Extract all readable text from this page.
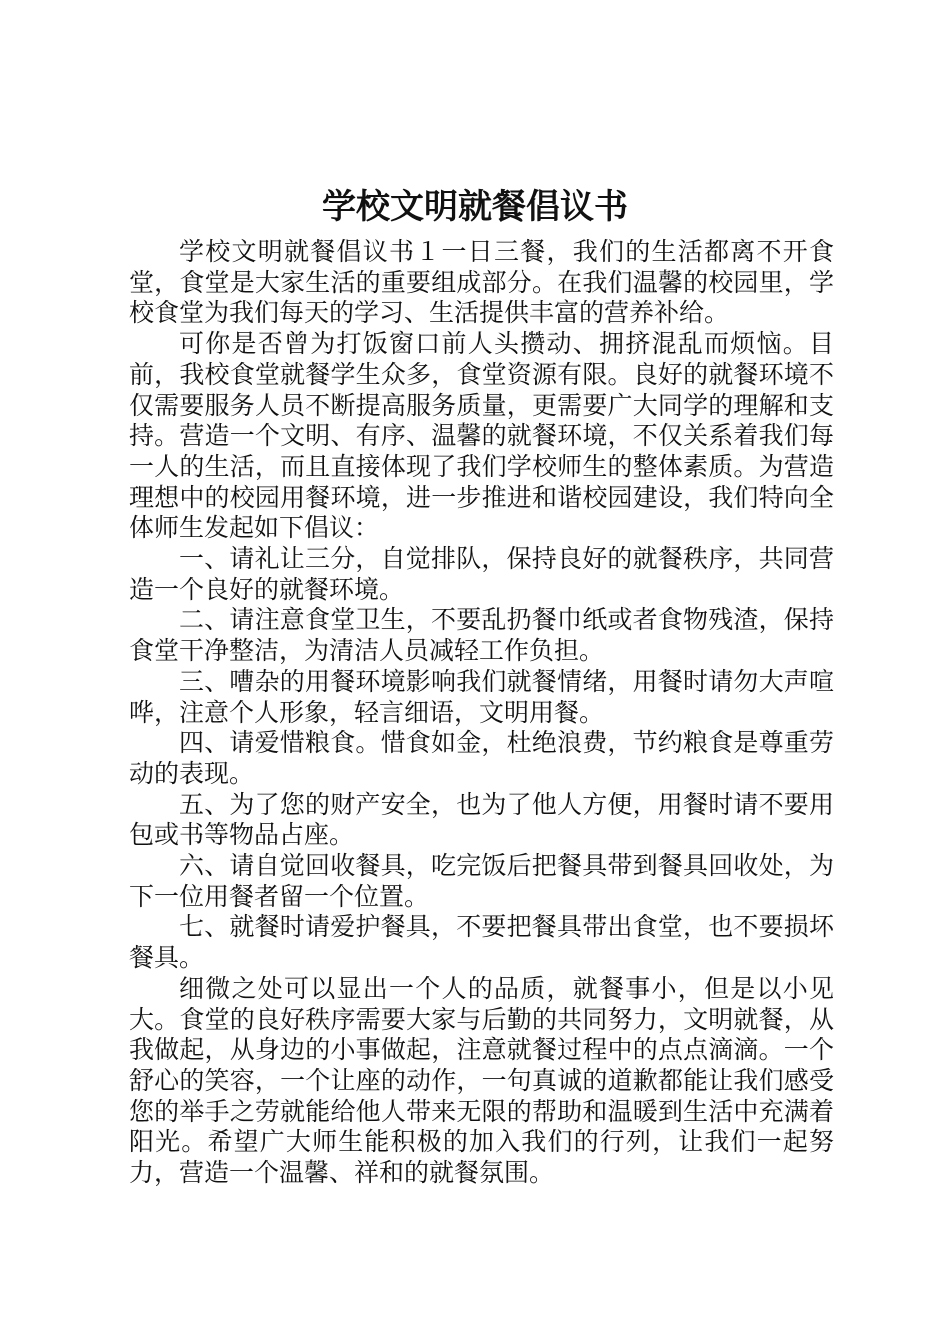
学校文明就餐倡议书

学校文明就餐倡议书１一日三餐，我们的生活都离不开食堂，食堂是大家生活的重要组成部分。在我们温馨的校园里，学校食堂为我们每天的学习、生活提供丰富的营养补给。

可你是否曾为打饭窗口前人头攒动、拥挤混乱而烦恼。目前，我校食堂就餐学生众多，食堂资源有限。良好的就餐环境不仅需要服务人员不断提高服务质量，更需要广大同学的理解和支持。营造一个文明、有序、温馨的就餐环境，不仅关系着我们每一人的生活，而且直接体现了我们学校师生的整体素质。为营造理想中的校园用餐环境，进一步推进和谐校园建设，我们特向全体师生发起如下倡议：

一、请礼让三分，自觉排队，保持良好的就餐秩序，共同营造一个良好的就餐环境。

二、请注意食堂卫生，不要乱扔餐巾纸或者食物残渣，保持食堂干净整洁，为清洁人员减轻工作负担。

三、嘈杂的用餐环境影响我们就餐情绪，用餐时请勿大声喧哗，注意个人形象，轻言细语，文明用餐。

四、请爱惜粮食。惜食如金，杜绝浪费，节约粮食是尊重劳动的表现。

五、为了您的财产安全，也为了他人方便，用餐时请不要用包或书等物品占座。

六、请自觉回收餐具，吃完饭后把餐具带到餐具回收处，为下一位用餐者留一个位置。

七、就餐时请爱护餐具，不要把餐具带出食堂，也不要损坏餐具。

细微之处可以显出一个人的品质，就餐事小，但是以小见大。食堂的良好秩序需要大家与后勤的共同努力，文明就餐，从我做起，从身边的小事做起，注意就餐过程中的点点滴滴。一个舒心的笑容，一个让座的动作，一句真诚的道歉都能让我们感受您的举手之劳就能给他人带来无限的帮助和温暖到生活中充满着阳光。希望广大师生能积极的加入我们的行列，让我们一起努力，营造一个温馨、祥和的就餐氛围。
